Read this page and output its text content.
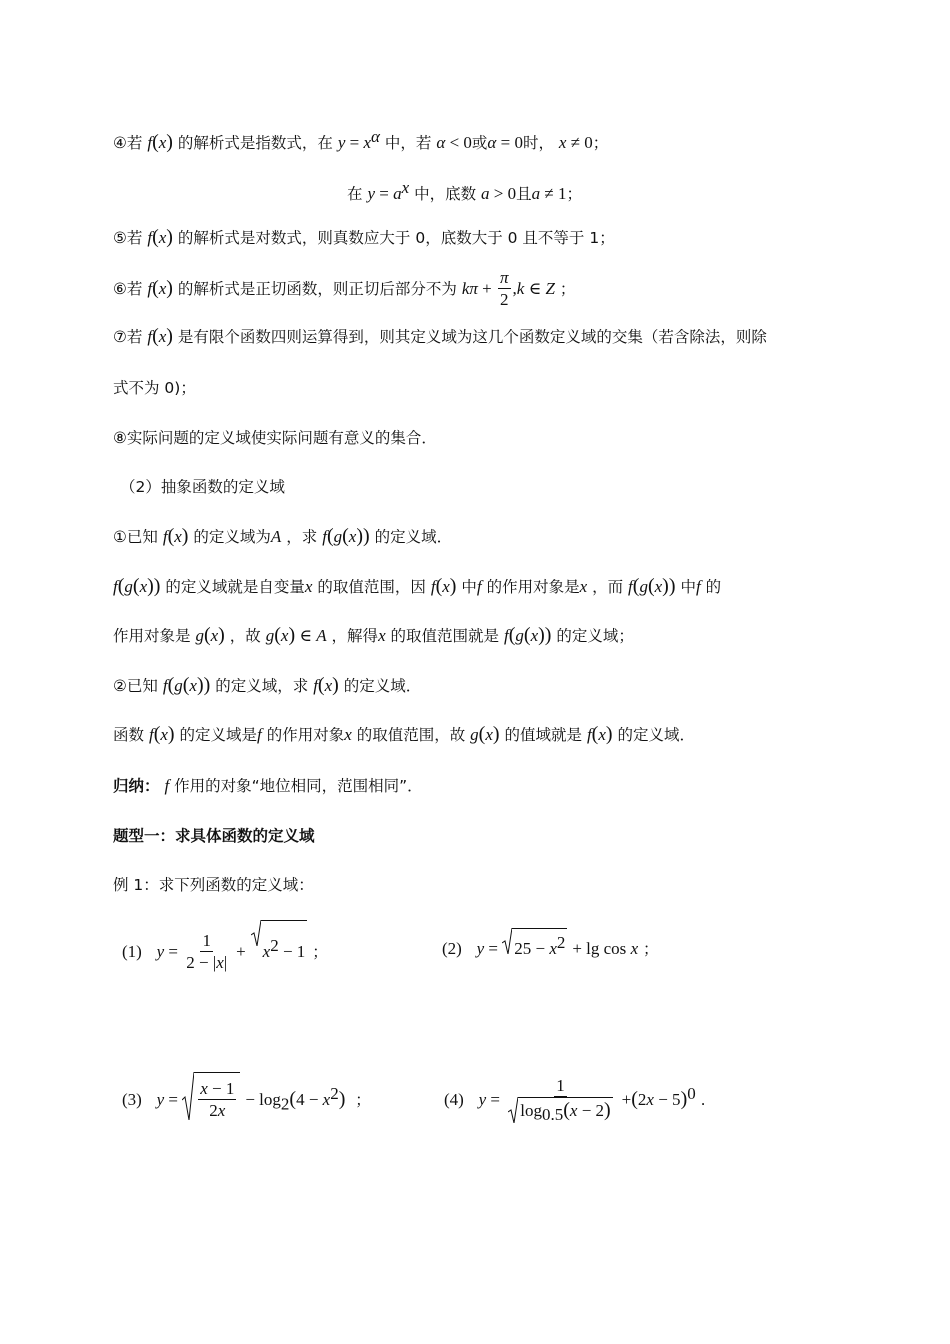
④若 f(x) 的解析式是指数式，在 $y = x^\alpha$ 中，若 α < 0或α = 0时， x ≠ 0；
在 $y = a^x$ 中，底数 a > 0且a ≠ 1；
⑤若 f(x) 的解析式是对数式，则真数应大于 0，底数大于 0 且不等于 1；
⑥若 f(x) 的解析式是正切函数，则正切后部分不为 $k\pi + \frac{\pi}{2} ,k$ ∈ Z ；
⑦若 f(x) 是有限个函数四则运算得到，则其定义域为这几个函数定义域的交集（若含除法，则除
式不为 0)；
⑧实际问题的定义域使实际问题有意义的集合．
（2）抽象函数的定义域
①已知 f(x) 的定义域为A ，求 f(g(x)) 的定义域．
f(g(x)) 的定义域就是自变量x 的取值范围，因 f(x) 中f 的作用对象是x ，而 f(g(x)) 中f 的
作用对象是 g(x) ，故 g(x) ∈ A ，解得x 的取值范围就是 f(g(x)) 的定义域；
②已知 f(g(x)) 的定义域，求 f(x) 的定义域．
函数 f(x) 的定义域是f 的作用对象x 的取值范围，故 g(x) 的值域就是 f(x) 的定义域．
归纳： f 作用的对象“地位相同，范围相同”．
题型一：求具体函数的定义域
例 1：求下列函数的定义域：
(1) $y = \frac{1}{2 - |x|} + x^2 - 1$ ；	(2) y =
$25 - x^2 + \lg \cos x$ ；
(3) $y = \frac{x - 1}{2x} - \log_2(4 - x^2)$ ；	(4) $y = \frac{1}{\log_{0.5}(x - 2)} +(2x - 5)^0$ .
